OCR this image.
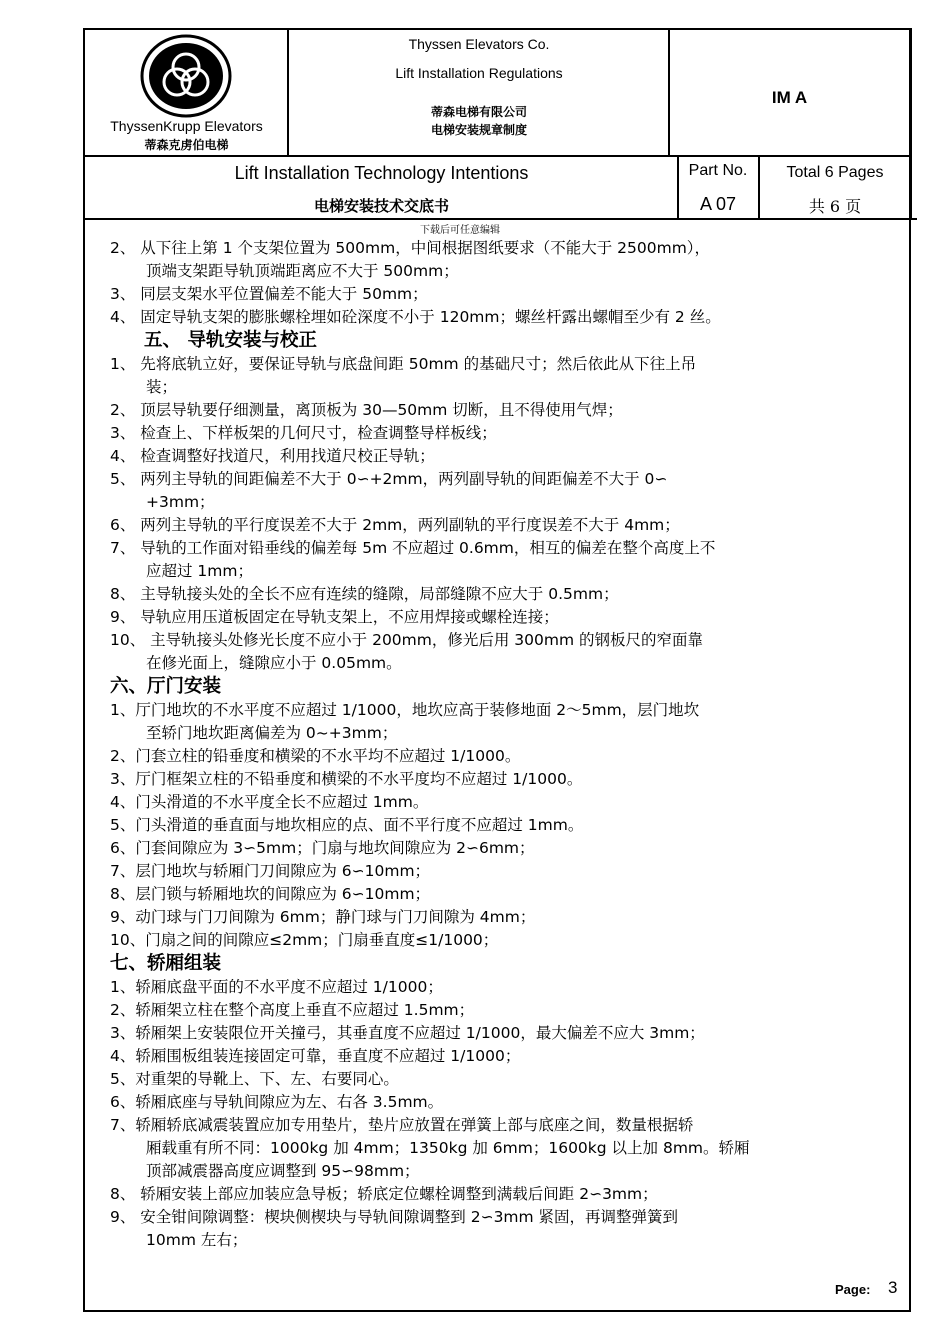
ThyssenKrupp Elevators
蒂森克虏伯电梯
Thyssen Elevators Co.
Lift Installation Regulations
蒂森电梯有限公司
电梯安装规章制度
IM A
Lift Installation Technology Intentions
电梯安装技术交底书
Part No.
A 07
Total 6 Pages
共 6 页
下载后可任意编辑
2、 从下往上第 1 个支架位置为 500mm，中间根据图纸要求（不能大于 2500mm），
顶端支架距导轨顶端距离应不大于 500mm；
3、 同层支架水平位置偏差不能大于 50mm；
4、 固定导轨支架的膨胀螺栓埋如砼深度不小于 120mm；螺丝杆露出螺帽至少有 2 丝。
五、 导轨安装与校正
1、 先将底轨立好，要保证导轨与底盘间距 50mm 的基础尺寸；然后依此从下往上吊
装；
2、 顶层导轨要仔细测量，离顶板为 30—50mm 切断，且不得使用气焊；
3、 检查上、下样板架的几何尺寸，检查调整导样板线；
4、 检查调整好找道尺，利用找道尺校正导轨；
5、 两列主导轨的间距偏差不大于 0∽+2mm，两列副导轨的间距偏差不大于 0∽
+3mm；
6、 两列主导轨的平行度误差不大于 2mm，两列副轨的平行度误差不大于 4mm；
7、 导轨的工作面对铅垂线的偏差每 5m 不应超过 0.6mm，相互的偏差在整个高度上不
应超过 1mm；
8、 主导轨接头处的全长不应有连续的缝隙，局部缝隙不应大于 0.5mm；
9、 导轨应用压道板固定在导轨支架上，不应用焊接或螺栓连接；
10、 主导轨接头处修光长度不应小于 200mm，修光后用 300mm 的钢板尺的窄面靠
在修光面上，缝隙应小于 0.05mm。
六、厅门安装
1、厅门地坎的不水平度不应超过 1/1000，地坎应高于装修地面 2～5mm，层门地坎
至轿门地坎距离偏差为 0~+3mm；
2、门套立柱的铅垂度和横梁的不水平均不应超过 1/1000。
3、厅门框架立柱的不铅垂度和横梁的不水平度均不应超过 1/1000。
4、门头滑道的不水平度全长不应超过 1mm。
5、门头滑道的垂直面与地坎相应的点、面不平行度不应超过 1mm。
6、门套间隙应为 3∽5mm；门扇与地坎间隙应为 2∽6mm；
7、层门地坎与轿厢门刀间隙应为 6∽10mm；
8、层门锁与轿厢地坎的间隙应为 6∽10mm；
9、动门球与门刀间隙为 6mm；静门球与门刀间隙为 4mm；
10、门扇之间的间隙应≤2mm；门扇垂直度≤1/1000；
七、轿厢组装
1、轿厢底盘平面的不水平度不应超过 1/1000；
2、轿厢架立柱在整个高度上垂直不应超过 1.5mm；
3、轿厢架上安装限位开关撞弓，其垂直度不应超过 1/1000，最大偏差不应大 3mm；
4、轿厢围板组装连接固定可靠，垂直度不应超过 1/1000；
5、对重架的导靴上、下、左、右要同心。
6、轿厢底座与导轨间隙应为左、右各 3.5mm。
7、轿厢轿底减震装置应加专用垫片，垫片应放置在弹簧上部与底座之间，数量根据轿
厢载重有所不同：1000kg 加 4mm；1350kg 加 6mm；1600kg 以上加 8mm。轿厢
顶部减震器高度应调整到 95∽98mm；
8、 轿厢安装上部应加装应急导板；轿底定位螺栓调整到满载后间距 2∽3mm；
9、 安全钳间隙调整：楔块侧楔块与导轨间隙调整到 2∽3mm 紧固，再调整弹簧到
10mm 左右；
Page: 3
